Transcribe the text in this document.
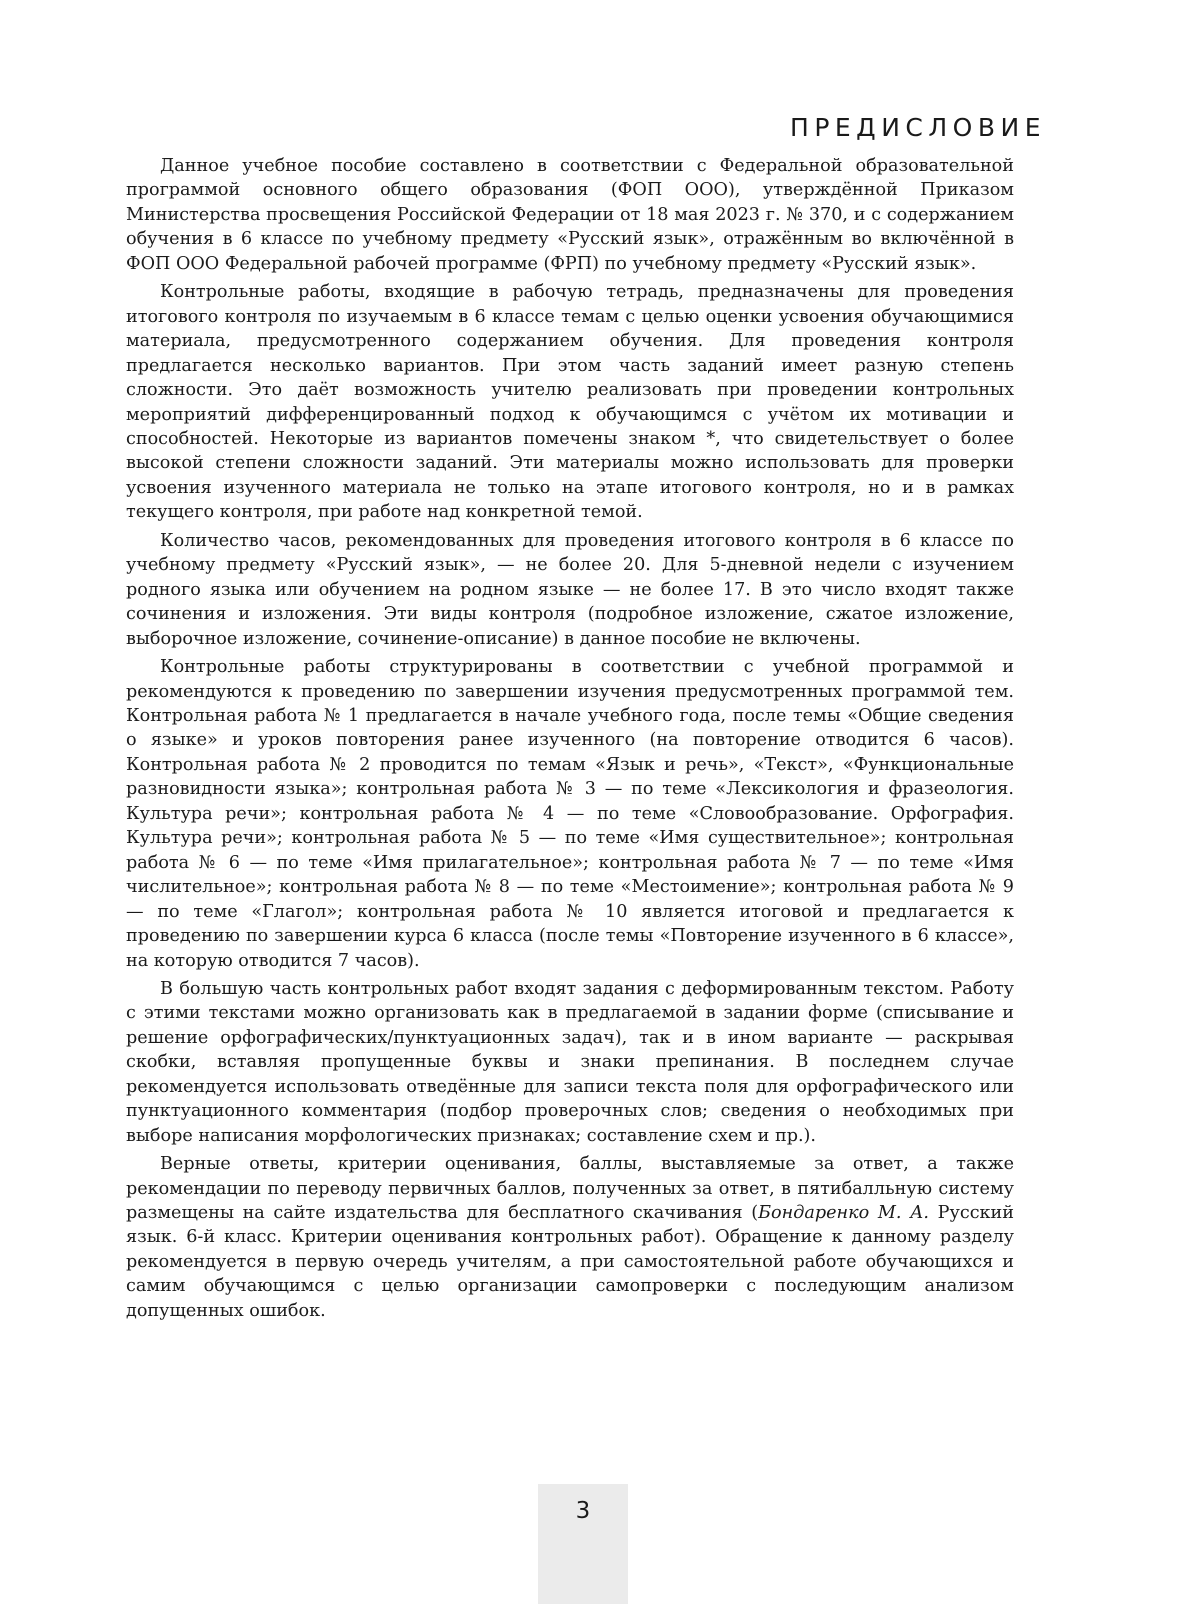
ПРЕДИСЛОВИЕ

Данное учебное пособие составлено в соответствии с Федеральной образовательной программой основного общего образования (ФОП ООО), утверждённой Приказом Министерства просвещения Российской Федерации от 18 мая 2023 г. № 370, и с содержанием обучения в 6 классе по учебному предмету «Русский язык», отражённым во включённой в ФОП ООО Федеральной рабочей программе (ФРП) по учебному предмету «Русский язык».

Контрольные работы, входящие в рабочую тетрадь, предназначены для проведения итогового контроля по изучаемым в 6 классе темам с целью оценки усвоения обучающимися материала, предусмотренного содержанием обучения. Для проведения контроля предлагается несколько вариантов. При этом часть заданий имеет разную степень сложности. Это даёт возможность учителю реализовать при проведении контрольных мероприятий дифференцированный подход к обучающимся с учётом их мотивации и способностей. Некоторые из вариантов помечены знаком *, что свидетельствует о более высокой степени сложности заданий. Эти материалы можно использовать для проверки усвоения изученного материала не только на этапе итогового контроля, но и в рамках текущего контроля, при работе над конкретной темой.

Количество часов, рекомендованных для проведения итогового контроля в 6 классе по учебному предмету «Русский язык», — не более 20. Для 5-дневной недели с изучением родного языка или обучением на родном языке — не более 17. В это число входят также сочинения и изложения. Эти виды контроля (подробное изложение, сжатое изложение, выборочное изложение, сочинение-описание) в данное пособие не включены.

Контрольные работы структурированы в соответствии с учебной программой и рекомендуются к проведению по завершении изучения предусмотренных программой тем. Контрольная работа № 1 предлагается в начале учебного года, после темы «Общие сведения о языке» и уроков повторения ранее изученного (на повторение отводится 6 часов). Контрольная работа № 2 проводится по темам «Язык и речь», «Текст», «Функциональные разновидности языка»; контрольная работа № 3 — по теме «Лексикология и фразеология. Культура речи»; контрольная работа № 4 — по теме «Словообразование. Орфография. Культура речи»; контрольная работа № 5 — по теме «Имя существительное»; контрольная работа № 6 — по теме «Имя прилагательное»; контрольная работа № 7 — по теме «Имя числительное»; контрольная работа № 8 — по теме «Местоимение»; контрольная работа № 9 — по теме «Глагол»; контрольная работа № 10 является итоговой и предлагается к проведению по завершении курса 6 класса (после темы «Повторение изученного в 6 классе», на которую отводится 7 часов).

В большую часть контрольных работ входят задания с деформированным текстом. Работу с этими текстами можно организовать как в предлагаемой в задании форме (списывание и решение орфографических/пунктуационных задач), так и в ином варианте — раскрывая скобки, вставляя пропущенные буквы и знаки препинания. В последнем случае рекомендуется использовать отведённые для записи текста поля для орфографического или пунктуационного комментария (подбор проверочных слов; сведения о необходимых при выборе написания морфологических признаках; составление схем и пр.).

Верные ответы, критерии оценивания, баллы, выставляемые за ответ, а также рекомендации по переводу первичных баллов, полученных за ответ, в пятибалльную систему размещены на сайте издательства для бесплатного скачивания (Бондаренко М. А. Русский язык. 6-й класс. Критерии оценивания контрольных работ). Обращение к данному разделу рекомендуется в первую очередь учителям, а при самостоятельной работе обучающихся и самим обучающимся с целью организации самопроверки с последующим анализом допущенных ошибок.

3
